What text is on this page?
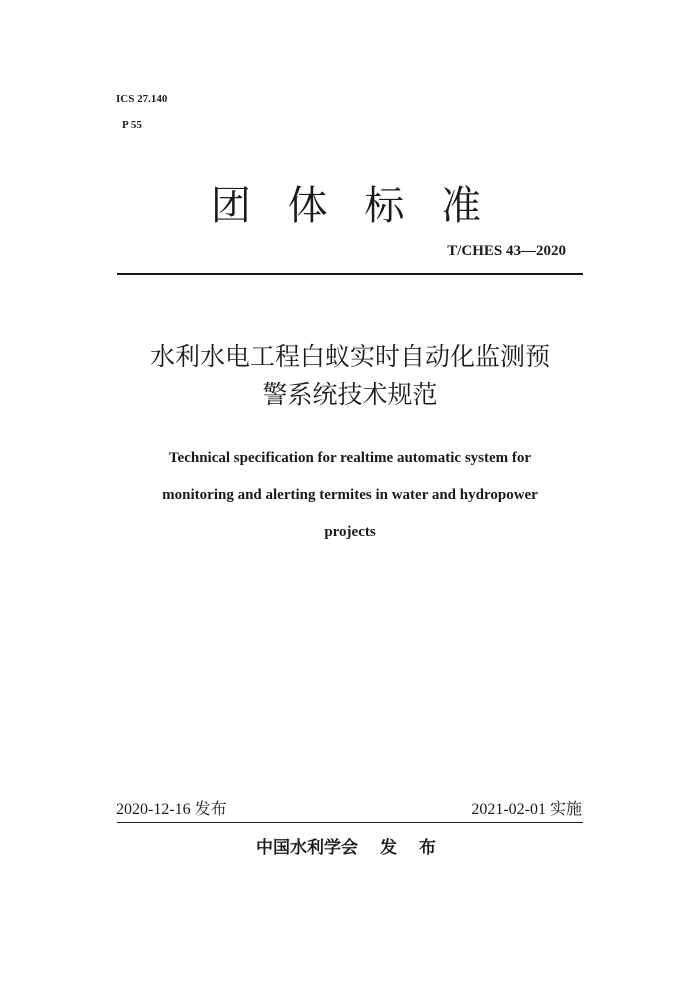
ICS 27.140
P 55
团 体 标 准
T/CHES 43—2020
水利水电工程白蚁实时自动化监测预
警系统技术规范
Technical specification for realtime automatic system for
monitoring and alerting termites in water and hydropower
projects
2020-12-16 发布	2021-02-01 实施
中国水利学会 发 布
